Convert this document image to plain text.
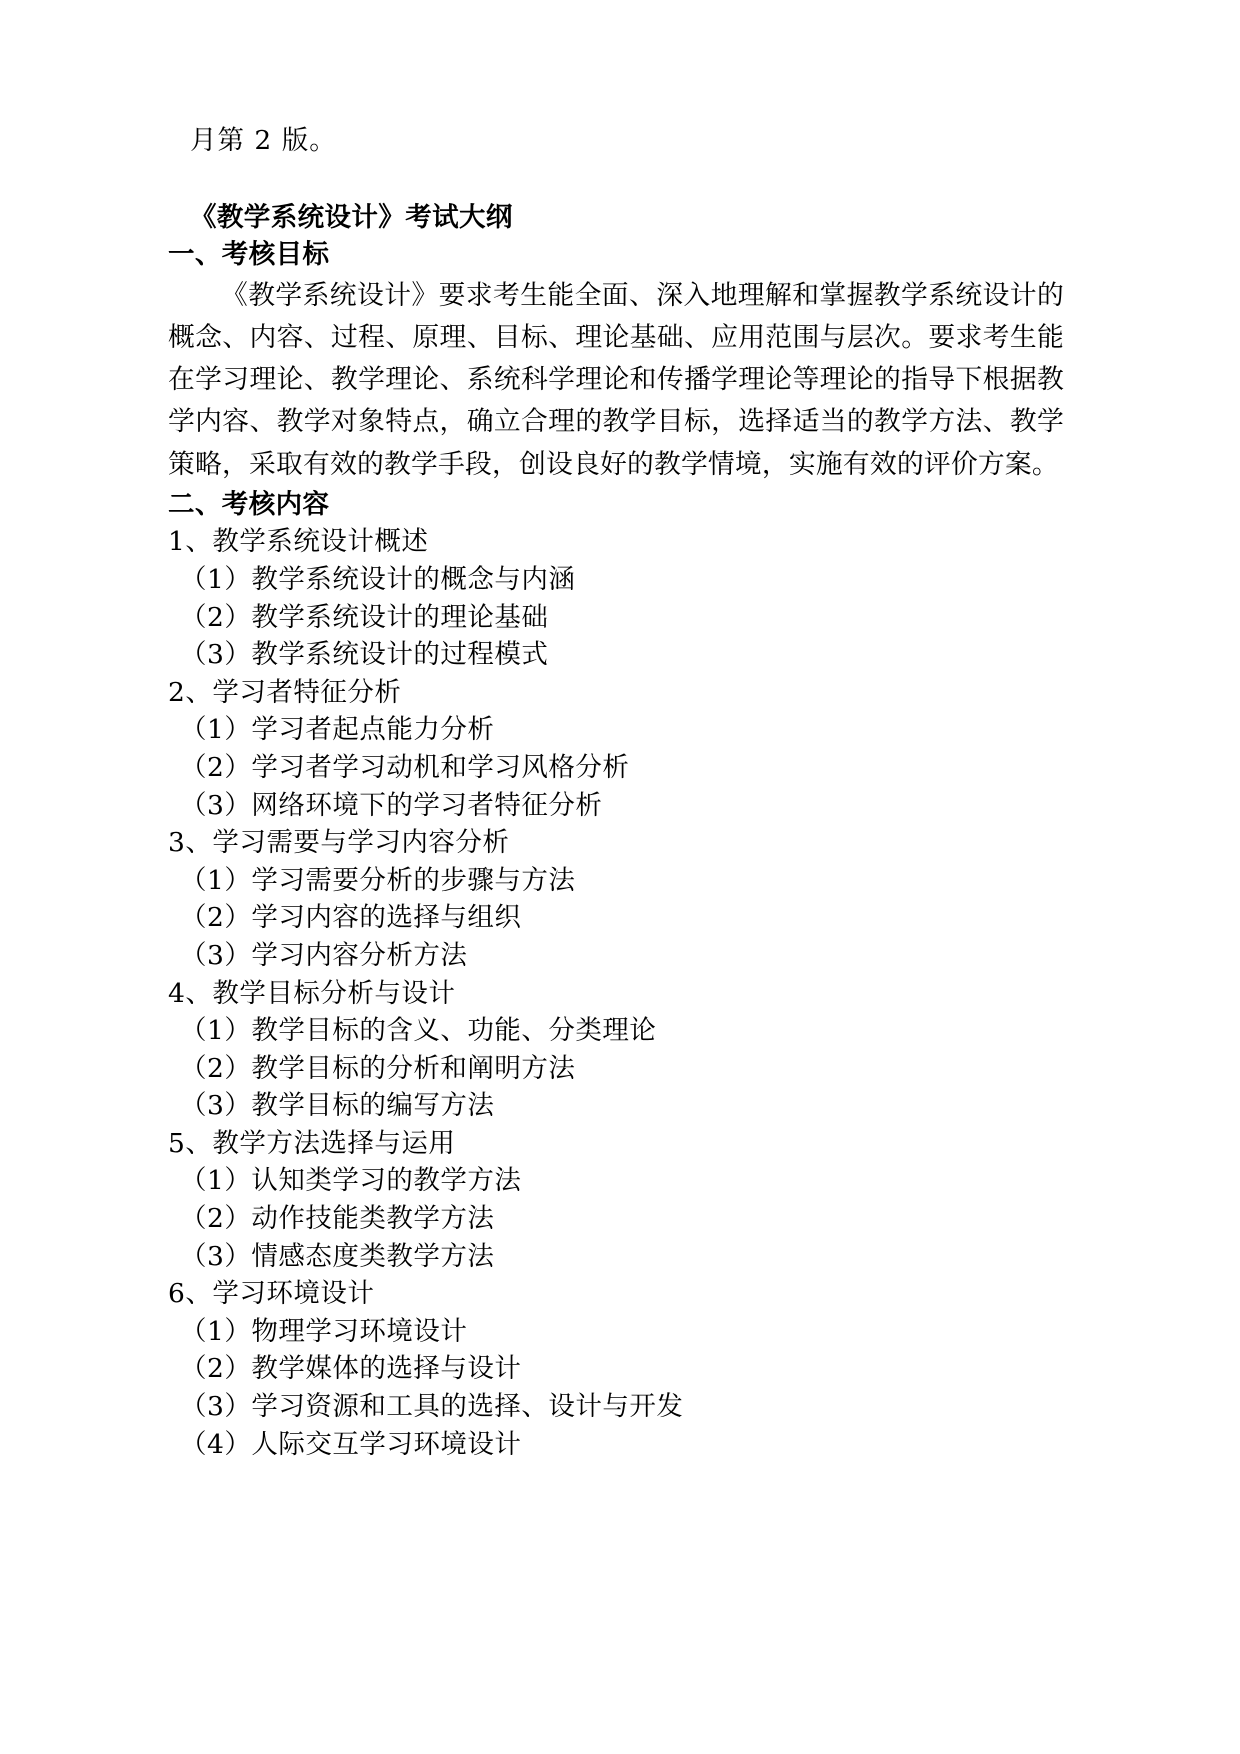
月第 2 版。
《教学系统设计》考试大纲
一、考核目标

《教学系统设计》要求考生能全面、深入地理解和掌握教学系统设计的概念、内容、过程、原理、目标、理论基础、应用范围与层次。要求考生能在学习理论、教学理论、系统科学理论和传播学理论等理论的指导下根据教学内容、教学对象特点，确立合理的教学目标，选择适当的教学方法、教学策略，采取有效的教学手段，创设良好的教学情境，实施有效的评价方案。

二、考核内容
1、教学系统设计概述
（1）教学系统设计的概念与内涵
（2）教学系统设计的理论基础
（3）教学系统设计的过程模式
2、学习者特征分析
（1）学习者起点能力分析
（2）学习者学习动机和学习风格分析
（3）网络环境下的学习者特征分析
3、学习需要与学习内容分析
（1）学习需要分析的步骤与方法
（2）学习内容的选择与组织
（3）学习内容分析方法
4、教学目标分析与设计
（1）教学目标的含义、功能、分类理论
（2）教学目标的分析和阐明方法
（3）教学目标的编写方法
5、教学方法选择与运用
（1）认知类学习的教学方法
（2）动作技能类教学方法
（3）情感态度类教学方法
6、学习环境设计
（1）物理学习环境设计
（2）教学媒体的选择与设计
（3）学习资源和工具的选择、设计与开发
（4）人际交互学习环境设计
